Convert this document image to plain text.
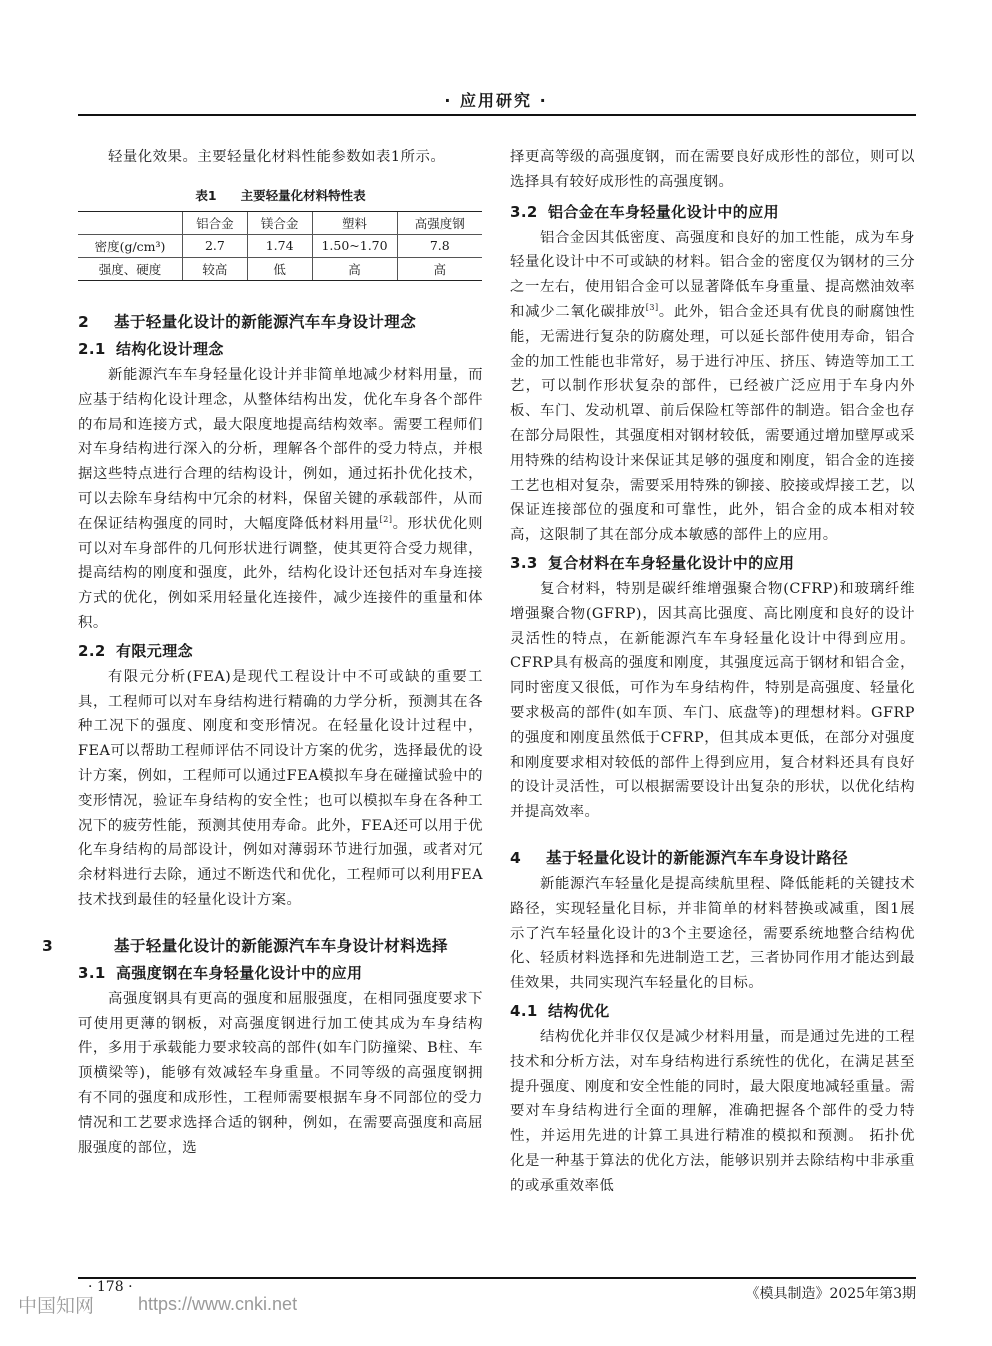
· 应用研究 ·

轻量化效果。主要轻量化材料性能参数如表1所示。

表1 主要轻量化材料特性表
	铝合金	镁合金	塑料	高强度钢
密度(g/cm³)	2.7	1.74	1.50~1.70	7.8
强度、硬度	较高	低	高	高

2 基于轻量化设计的新能源汽车车身设计理念

2.1 结构化设计理念

新能源汽车车身轻量化设计并非简单地减少材料用量，而应基于结构化设计理念，从整体结构出发，优化车身各个部件的布局和连接方式，最大限度地提高结构效率。需要工程师们对车身结构进行深入的分析，理解各个部件的受力特点，并根据这些特点进行合理的结构设计，例如，通过拓扑优化技术，可以去除车身结构中冗余的材料，保留关键的承载部件，从而在保证结构强度的同时，大幅度降低材料用量[2]。形状优化则可以对车身部件的几何形状进行调整，使其更符合受力规律，提高结构的刚度和强度，此外，结构化设计还包括对车身连接方式的优化，例如采用轻量化连接件，减少连接件的重量和体积。

2.2 有限元理念

有限元分析(FEA)是现代工程设计中不可或缺的重要工具，工程师可以对车身结构进行精确的力学分析，预测其在各种工况下的强度、刚度和变形情况。在轻量化设计过程中，FEA可以帮助工程师评估不同设计方案的优劣，选择最优的设计方案，例如，工程师可以通过FEA模拟车身在碰撞试验中的变形情况，验证车身结构的安全性；也可以模拟车身在各种工况下的疲劳性能，预测其使用寿命。此外，FEA还可以用于优化车身结构的局部设计，例如对薄弱环节进行加强，或者对冗余材料进行去除，通过不断迭代和优化，工程师可以利用FEA技术找到最佳的轻量化设计方案。

3	基于轻量化设计的新能源汽车车身设计材料选择

3.1 高强度钢在车身轻量化设计中的应用

高强度钢具有更高的强度和屈服强度，在相同强度要求下可使用更薄的钢板，对高强度钢进行加工使其成为车身结构件，多用于承载能力要求较高的部件(如车门防撞梁、B柱、车顶横梁等)，能够有效减轻车身重量。不同等级的高强度钢拥有不同的强度和成形性，工程师需要根据车身不同部位的受力情况和工艺要求选择合适的钢种，例如，在需要高强度和高屈服强度的部位，选

择更高等级的高强度钢，而在需要良好成形性的部位，则可以选择具有较好成形性的高强度钢。

3.2 铝合金在车身轻量化设计中的应用

铝合金因其低密度、高强度和良好的加工性能，成为车身轻量化设计中不可或缺的材料。铝合金的密度仅为钢材的三分之一左右，使用铝合金可以显著降低车身重量、提高燃油效率和减少二氧化碳排放[3]。此外，铝合金还具有优良的耐腐蚀性能，无需进行复杂的防腐处理，可以延长部件使用寿命，铝合金的加工性能也非常好，易于进行冲压、挤压、铸造等加工工艺，可以制作形状复杂的部件，已经被广泛应用于车身内外板、车门、发动机罩、前后保险杠等部件的制造。铝合金也存在部分局限性，其强度相对钢材较低，需要通过增加壁厚或采用特殊的结构设计来保证其足够的强度和刚度，铝合金的连接工艺也相对复杂，需要采用特殊的铆接、胶接或焊接工艺，以保证连接部位的强度和可靠性，此外，铝合金的成本相对较高，这限制了其在部分成本敏感的部件上的应用。

3.3 复合材料在车身轻量化设计中的应用

复合材料，特别是碳纤维增强聚合物(CFRP)和玻璃纤维增强聚合物(GFRP)，因其高比强度、高比刚度和良好的设计灵活性的特点，在新能源汽车车身轻量化设计中得到应用。CFRP具有极高的强度和刚度，其强度远高于钢材和铝合金，同时密度又很低，可作为车身结构件，特别是高强度、轻量化要求极高的部件(如车顶、车门、底盘等)的理想材料。GFRP的强度和刚度虽然低于CFRP，但其成本更低，在部分对强度和刚度要求相对较低的部件上得到应用，复合材料还具有良好的设计灵活性，可以根据需要设计出复杂的形状，以优化结构并提高效率。

4 基于轻量化设计的新能源汽车车身设计路径

新能源汽车轻量化是提高续航里程、降低能耗的关键技术路径，实现轻量化目标，并非简单的材料替换或减重，图1展示了汽车轻量化设计的3个主要途径，需要系统地整合结构优化、轻质材料选择和先进制造工艺，三者协同作用才能达到最佳效果，共同实现汽车轻量化的目标。

4.1 结构优化

结构优化并非仅仅是减少材料用量，而是通过先进的工程技术和分析方法，对车身结构进行系统性的优化，在满足甚至提升强度、刚度和安全性能的同时，最大限度地减轻重量。需要对车身结构进行全面的理解，准确把握各个部件的受力特性，并运用先进的计算工具进行精准的模拟和预测。 拓扑优化是一种基于算法的优化方法，能够识别并去除结构中非承重的或承重效率低

· 178 ·	《模具制造》2025年第3期
中国知网 https://www.cnki.net
